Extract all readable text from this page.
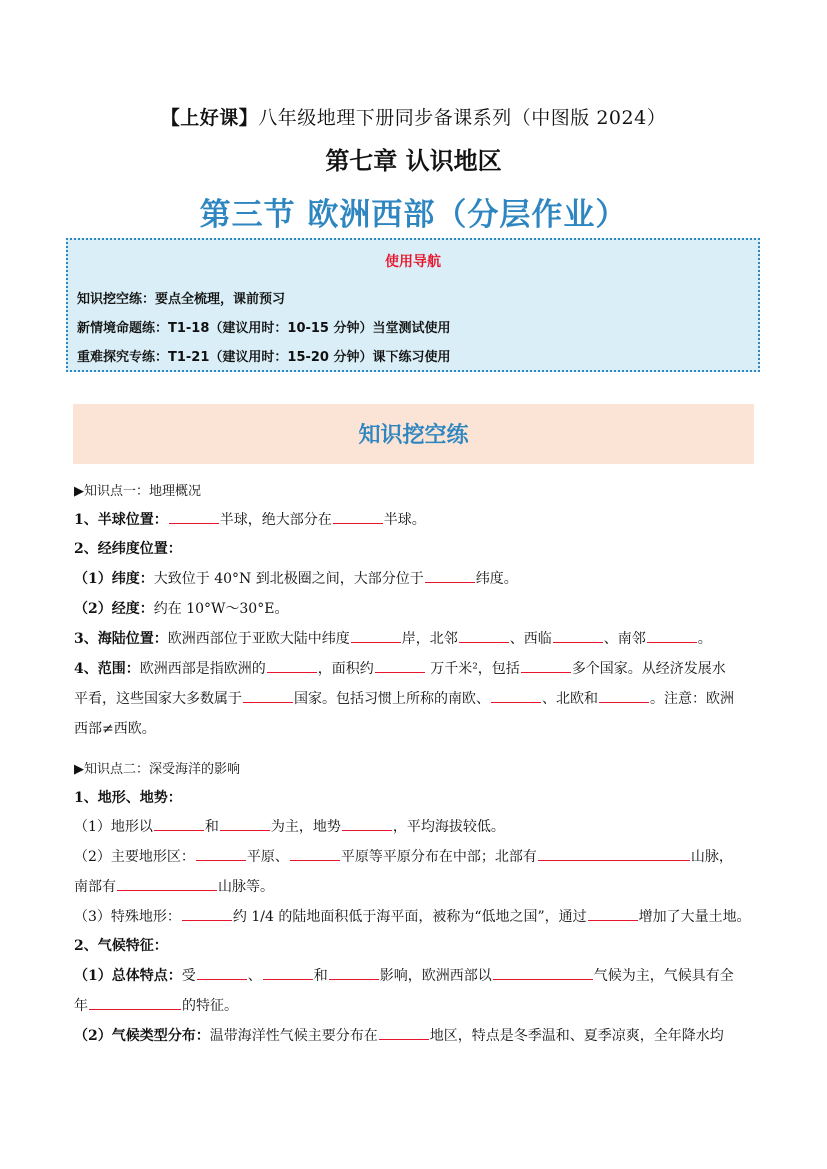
【上好课】八年级地理下册同步备课系列（中图版 2024）
第七章 认识地区
第三节 欧洲西部（分层作业）
使用导航
知识挖空练：要点全梳理，课前预习
新情境命题练：T1-18（建议用时：10-15 分钟）当堂测试使用
重难探究专练：T1-21（建议用时：15-20 分钟）课下练习使用
知识挖空练
▶知识点一：地理概况
1、半球位置：	半球，绝大部分在	半球。
2、经纬度位置：
（1）纬度：大致位于 40°N 到北极圈之间，大部分位于	纬度。
（2）经度：约在 10°W～30°E。
3、海陆位置：欧洲西部位于亚欧大陆中纬度	岸，北邻	、西临	、南邻	。
4、范围：欧洲西部是指欧洲的	，面积约	万千米²，包括	多个国家。从经济发展水
平看，这些国家大多数属于	国家。包括习惯上所称的南欧、	、北欧和	。注意：欧洲
西部≠西欧。
▶知识点二：深受海洋的影响
1、地形、地势：
（1）地形以	和	为主，地势	，平均海拔较低。
（2）主要地形区：	平原、	平原等平原分布在中部；北部有	山脉，
南部有	山脉等。
（3）特殊地形：	约 1/4 的陆地面积低于海平面，被称为“低地之国”，通过	增加了大量土地。
2、气候特征：
（1）总体特点：受	、	和	影响，欧洲西部以	气候为主，气候具有全
年	的特征。
（2）气候类型分布：温带海洋性气候主要分布在	地区，特点是冬季温和、夏季凉爽，全年降水均
